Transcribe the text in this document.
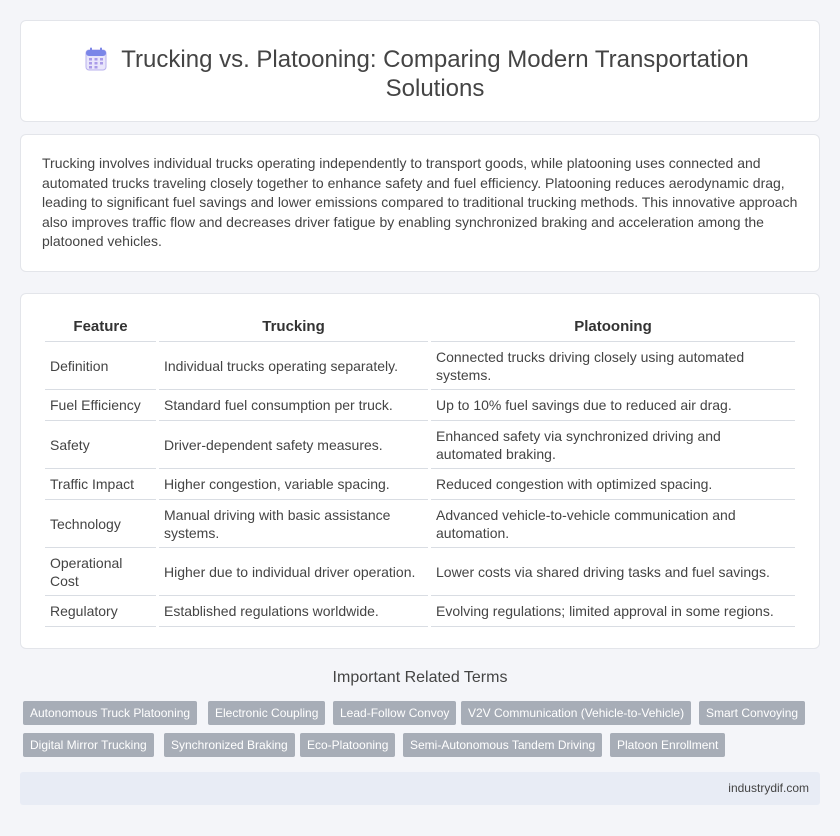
Trucking vs. Platooning: Comparing Modern Transportation Solutions

Trucking involves individual trucks operating independently to transport goods, while platooning uses connected and automated trucks traveling closely together to enhance safety and fuel efficiency. Platooning reduces aerodynamic drag, leading to significant fuel savings and lower emissions compared to traditional trucking methods. This innovative approach also improves traffic flow and decreases driver fatigue by enabling synchronized braking and acceleration among the platooned vehicles.

Feature	Trucking	Platooning
Definition	Individual trucks operating separately.	Connected trucks driving closely using automated systems.
Fuel Efficiency	Standard fuel consumption per truck.	Up to 10% fuel savings due to reduced air drag.
Safety	Driver-dependent safety measures.	Enhanced safety via synchronized driving and automated braking.
Traffic Impact	Higher congestion, variable spacing.	Reduced congestion with optimized spacing.
Technology	Manual driving with basic assistance systems.	Advanced vehicle-to-vehicle communication and automation.
Operational Cost	Higher due to individual driver operation.	Lower costs via shared driving tasks and fuel savings.
Regulatory	Established regulations worldwide.	Evolving regulations; limited approval in some regions.
Important Related Terms
Autonomous Truck Platooning	Electronic Coupling	Lead-Follow Convoy	V2V Communication (Vehicle-to-Vehicle)	Smart Convoying
Digital Mirror Trucking	Synchronized Braking	Eco-Platooning	Semi-Autonomous Tandem Driving	Platoon Enrollment
industrydif.com
